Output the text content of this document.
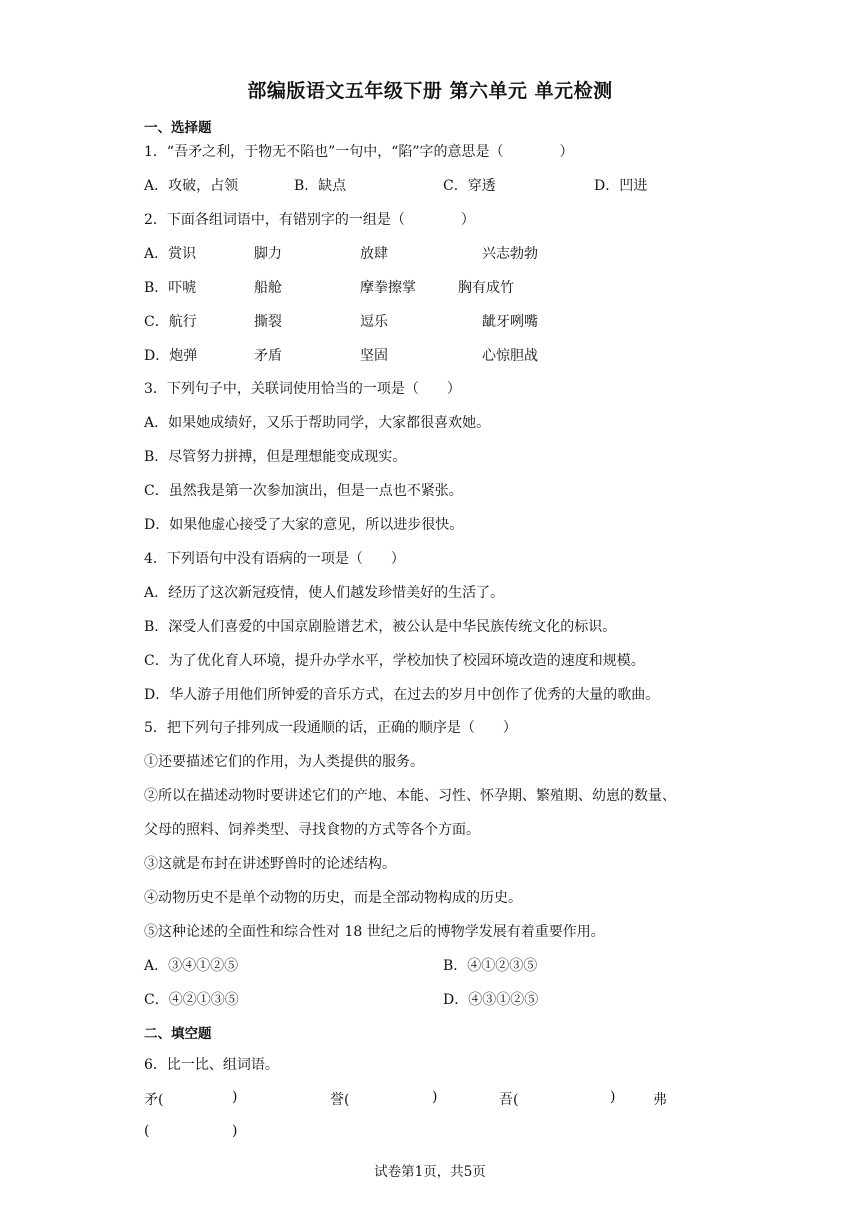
部编版语文五年级下册 第六单元 单元检测
一、选择题
1．“吾矛之利，于物无不陷也”一句中，“陷”字的意思是（　　　　）
A．攻破，占领	B．缺点	C．穿透	D．凹进
2．下面各组词语中，有错别字的一组是（　　　　）
A．赏识	脚力	放肆	兴志勃勃
B．吓唬	船舱	摩拳擦掌	胸有成竹
C．航行	撕裂	逗乐	龇牙咧嘴
D．炮弹	矛盾	坚固	心惊胆战
3．下列句子中，关联词使用恰当的一项是（　　）
A．如果她成绩好，又乐于帮助同学，大家都很喜欢她。
B．尽管努力拼搏，但是理想能变成现实。
C．虽然我是第一次参加演出，但是一点也不紧张。
D．如果他虚心接受了大家的意见，所以进步很快。
4．下列语句中没有语病的一项是（　　）
A．经历了这次新冠疫情，使人们越发珍惜美好的生活了。
B．深受人们喜爱的中国京剧脸谱艺术，被公认是中华民族传统文化的标识。
C．为了优化育人环境，提升办学水平，学校加快了校园环境改造的速度和规模。
D．华人游子用他们所钟爱的音乐方式，在过去的岁月中创作了优秀的大量的歌曲。
5．把下列句子排列成一段通顺的话，正确的顺序是（　　）
①还要描述它们的作用，为人类提供的服务。
②所以在描述动物时要讲述它们的产地、本能、习性、怀孕期、繁殖期、幼崽的数量、
父母的照料、饲养类型、寻找食物的方式等各个方面。
③这就是布封在讲述野兽时的论述结构。
④动物历史不是单个动物的历史，而是全部动物构成的历史。
⑤这种论述的全面性和综合性对 18 世纪之后的博物学发展有着重要作用。
A．③④①②⑤	B．④①②③⑤
C．④②①③⑤	D．④③①②⑤
二、填空题
6．比一比、组词语。
矛(	)	誉(	)	吾(	)	弗
(	)
试卷第1页，共5页
